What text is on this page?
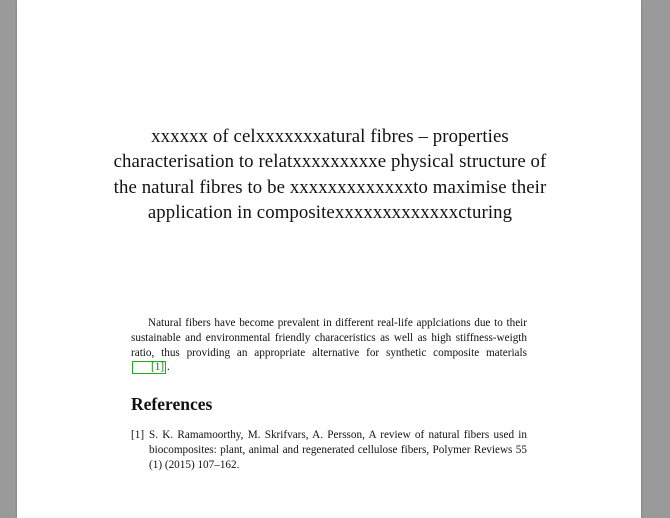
xxxxxx of celxxxxxxxatural fibres – properties characterisation to relatxxxxxxxxxe physical structure of the natural fibres to be xxxxxxxxxxxxxto maximise their application in compositexxxxxxxxxxxxxcturing

Natural fibers have become prevalent in different real-life applciations due to their sustainable and environmental friendly characeristics as well as high stiffness-weigth ratio, thus providing an appropriate alternative for synthetic composite materials [1] .

References
[1] S. K. Ramamoorthy, M. Skrifvars, A. Persson, A review of natural fibers used in biocomposites: plant, animal and regenerated cellulose fibers, Polymer Reviews 55 (1) (2015) 107–162.
